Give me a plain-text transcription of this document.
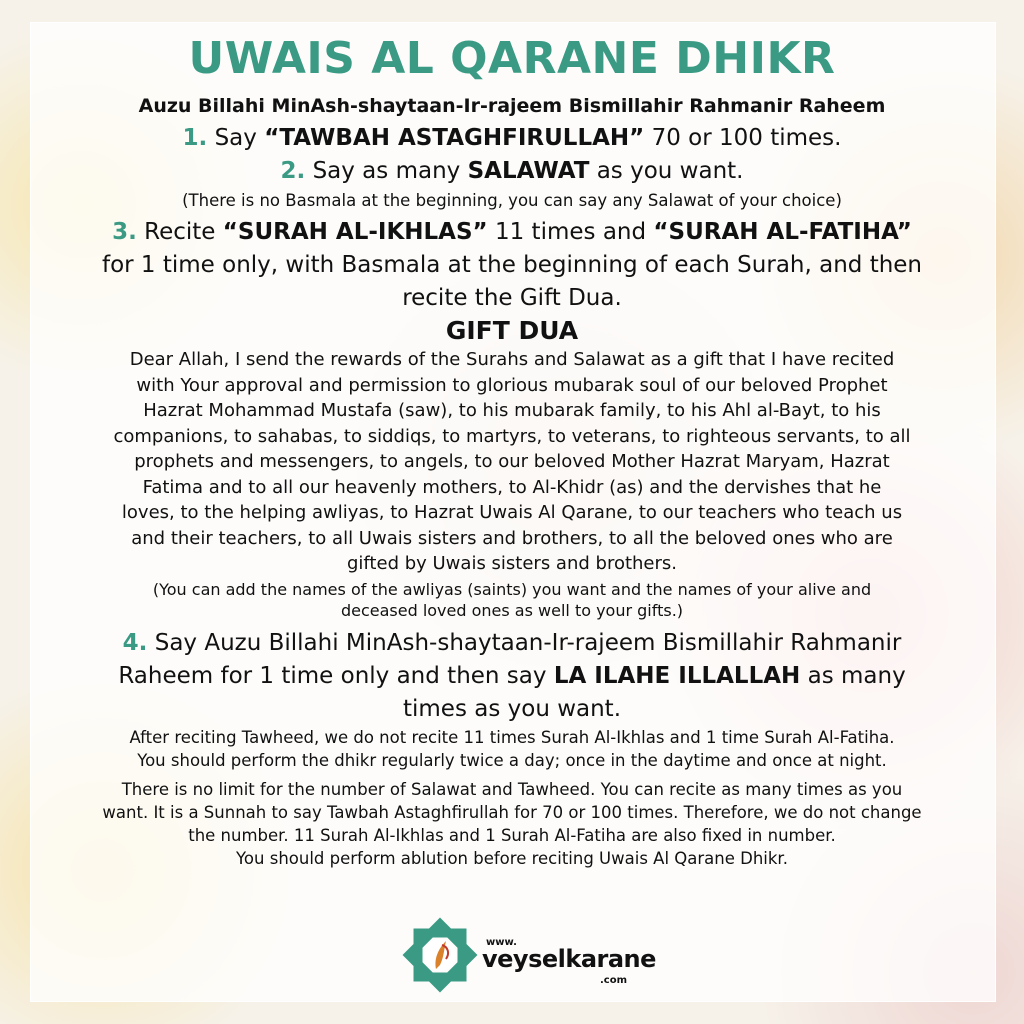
UWAIS AL QARANE DHIKR

Auzu Billahi MinAsh-shaytaan-Ir-rajeem Bismillahir Rahmanir Raheem

1. Say “TAWBAH ASTAGHFIRULLAH” 70 or 100 times.

2. Say as many SALAWAT as you want.

(There is no Basmala at the beginning, you can say any Salawat of your choice)

3. Recite “SURAH AL-IKHLAS” 11 times and “SURAH AL-FATIHA”

for 1 time only, with Basmala at the beginning of each Surah, and then

recite the Gift Dua.

GIFT DUA

Dear Allah, I send the rewards of the Surahs and Salawat as a gift that I have recited
with Your approval and permission to glorious mubarak soul of our beloved Prophet
Hazrat Mohammad Mustafa (saw), to his mubarak family, to his Ahl al-Bayt, to his
companions, to sahabas, to siddiqs, to martyrs, to veterans, to righteous servants, to all
prophets and messengers, to angels, to our beloved Mother Hazrat Maryam, Hazrat
Fatima and to all our heavenly mothers, to Al-Khidr (as) and the dervishes that he
loves, to the helping awliyas, to Hazrat Uwais Al Qarane, to our teachers who teach us
and their teachers, to all Uwais sisters and brothers, to all the beloved ones who are
gifted by Uwais sisters and brothers.
(You can add the names of the awliyas (saints) you want and the names of your alive and
deceased loved ones as well to your gifts.)

4. Say Auzu Billahi MinAsh-shaytaan-Ir-rajeem Bismillahir Rahmanir

Raheem for 1 time only and then say LA ILAHE ILLALLAH as many

times as you want.

After reciting Tawheed, we do not recite 11 times Surah Al-Ikhlas and 1 time Surah Al-Fatiha.
You should perform the dhikr regularly twice a day; once in the daytime and once at night.
There is no limit for the number of Salawat and Tawheed. You can recite as many times as you
want. It is a Sunnah to say Tawbah Astaghfirullah for 70 or 100 times. Therefore, we do not change
the number. 11 Surah Al-Ikhlas and 1 Surah Al-Fatiha are also fixed in number.
You should perform ablution before reciting Uwais Al Qarane Dhikr.
www.
veyselkarane
.com
